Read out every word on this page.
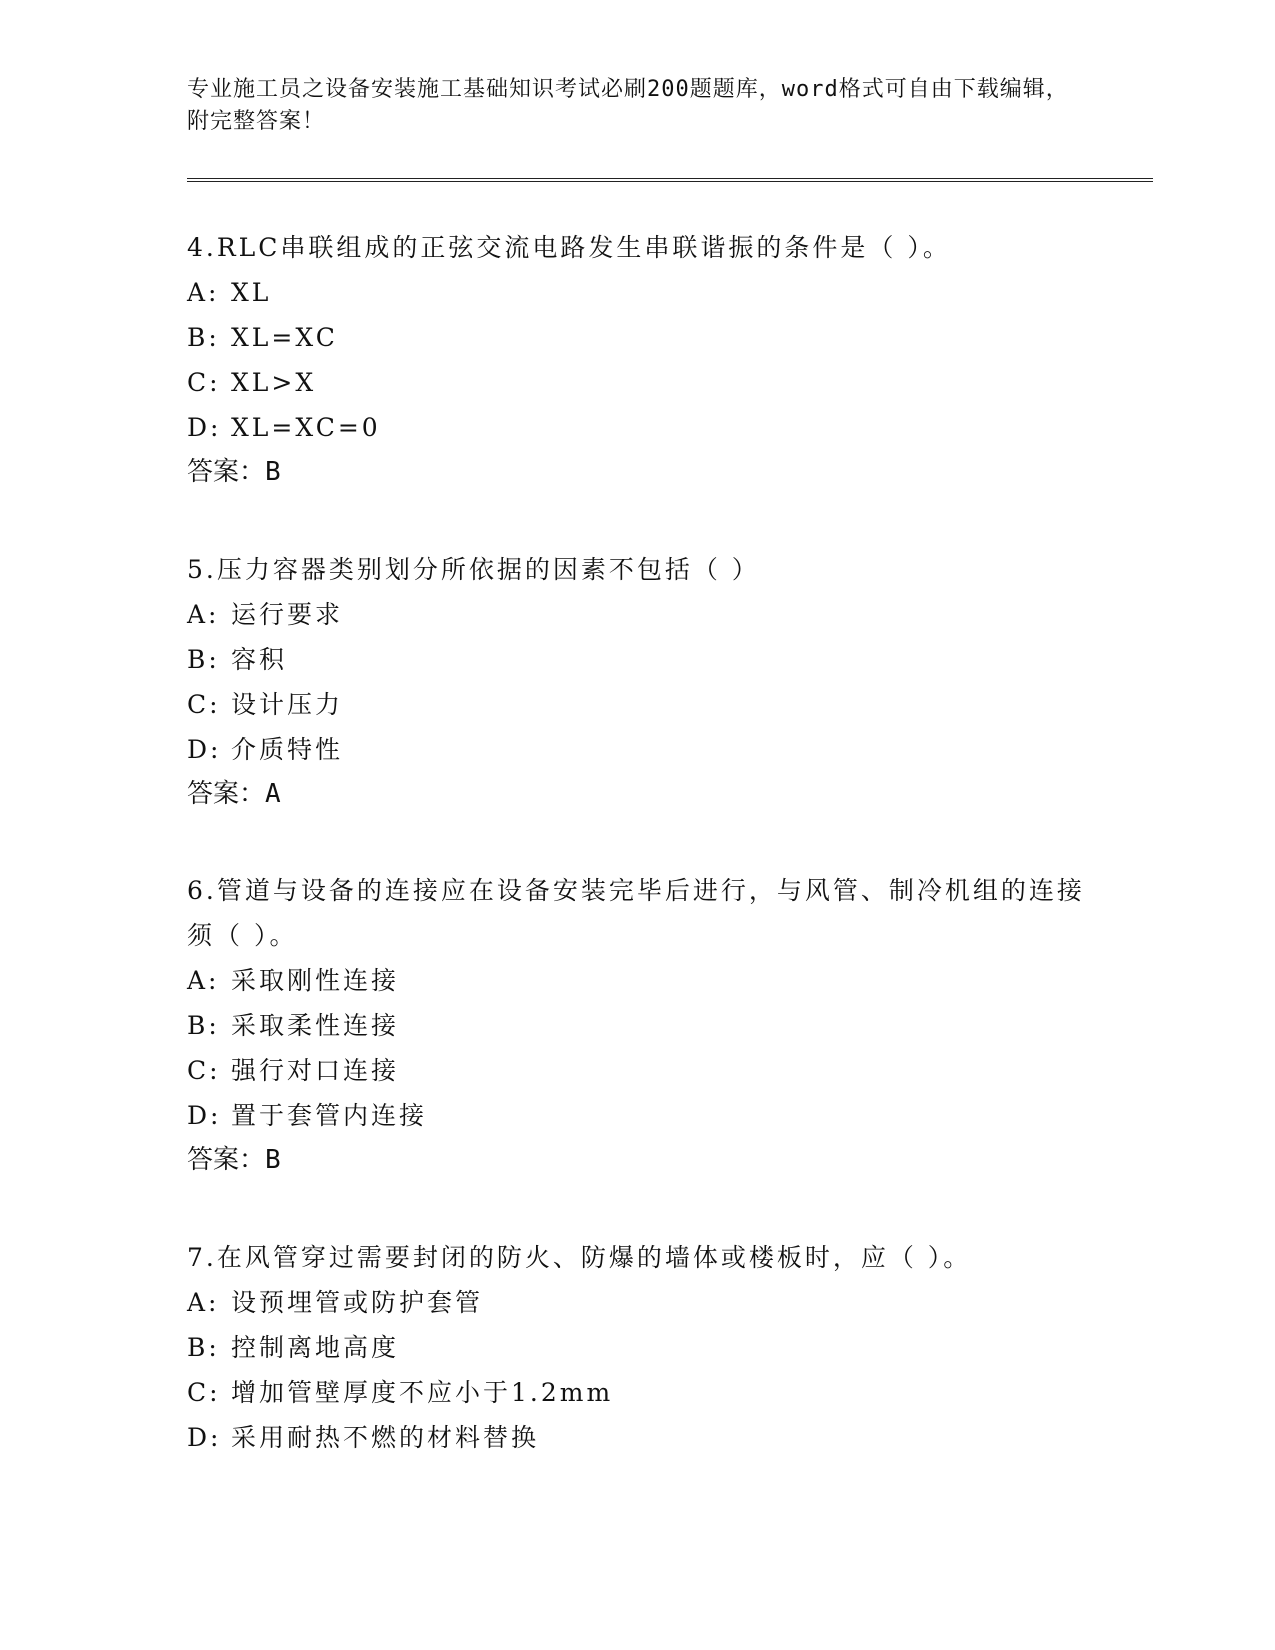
专业施工员之设备安装施工基础知识考试必刷200题题库，word格式可自由下载编辑，附完整答案！

4.RLC串联组成的正弦交流电路发生串联谐振的条件是（ ）。

A: XL

B: XL=XC

C: XL>X

D: XL=XC=0

答案：B

5.压力容器类别划分所依据的因素不包括（ ）

A: 运行要求

B: 容积

C: 设计压力

D: 介质特性

答案：A

6.管道与设备的连接应在设备安装完毕后进行，与风管、制冷机组的连接须（ ）。

A: 采取刚性连接

B: 采取柔性连接

C: 强行对口连接

D: 置于套管内连接

答案：B

7.在风管穿过需要封闭的防火、防爆的墙体或楼板时，应（ ）。

A: 设预埋管或防护套管

B: 控制离地高度

C: 增加管壁厚度不应小于1.2mm

D: 采用耐热不燃的材料替换
